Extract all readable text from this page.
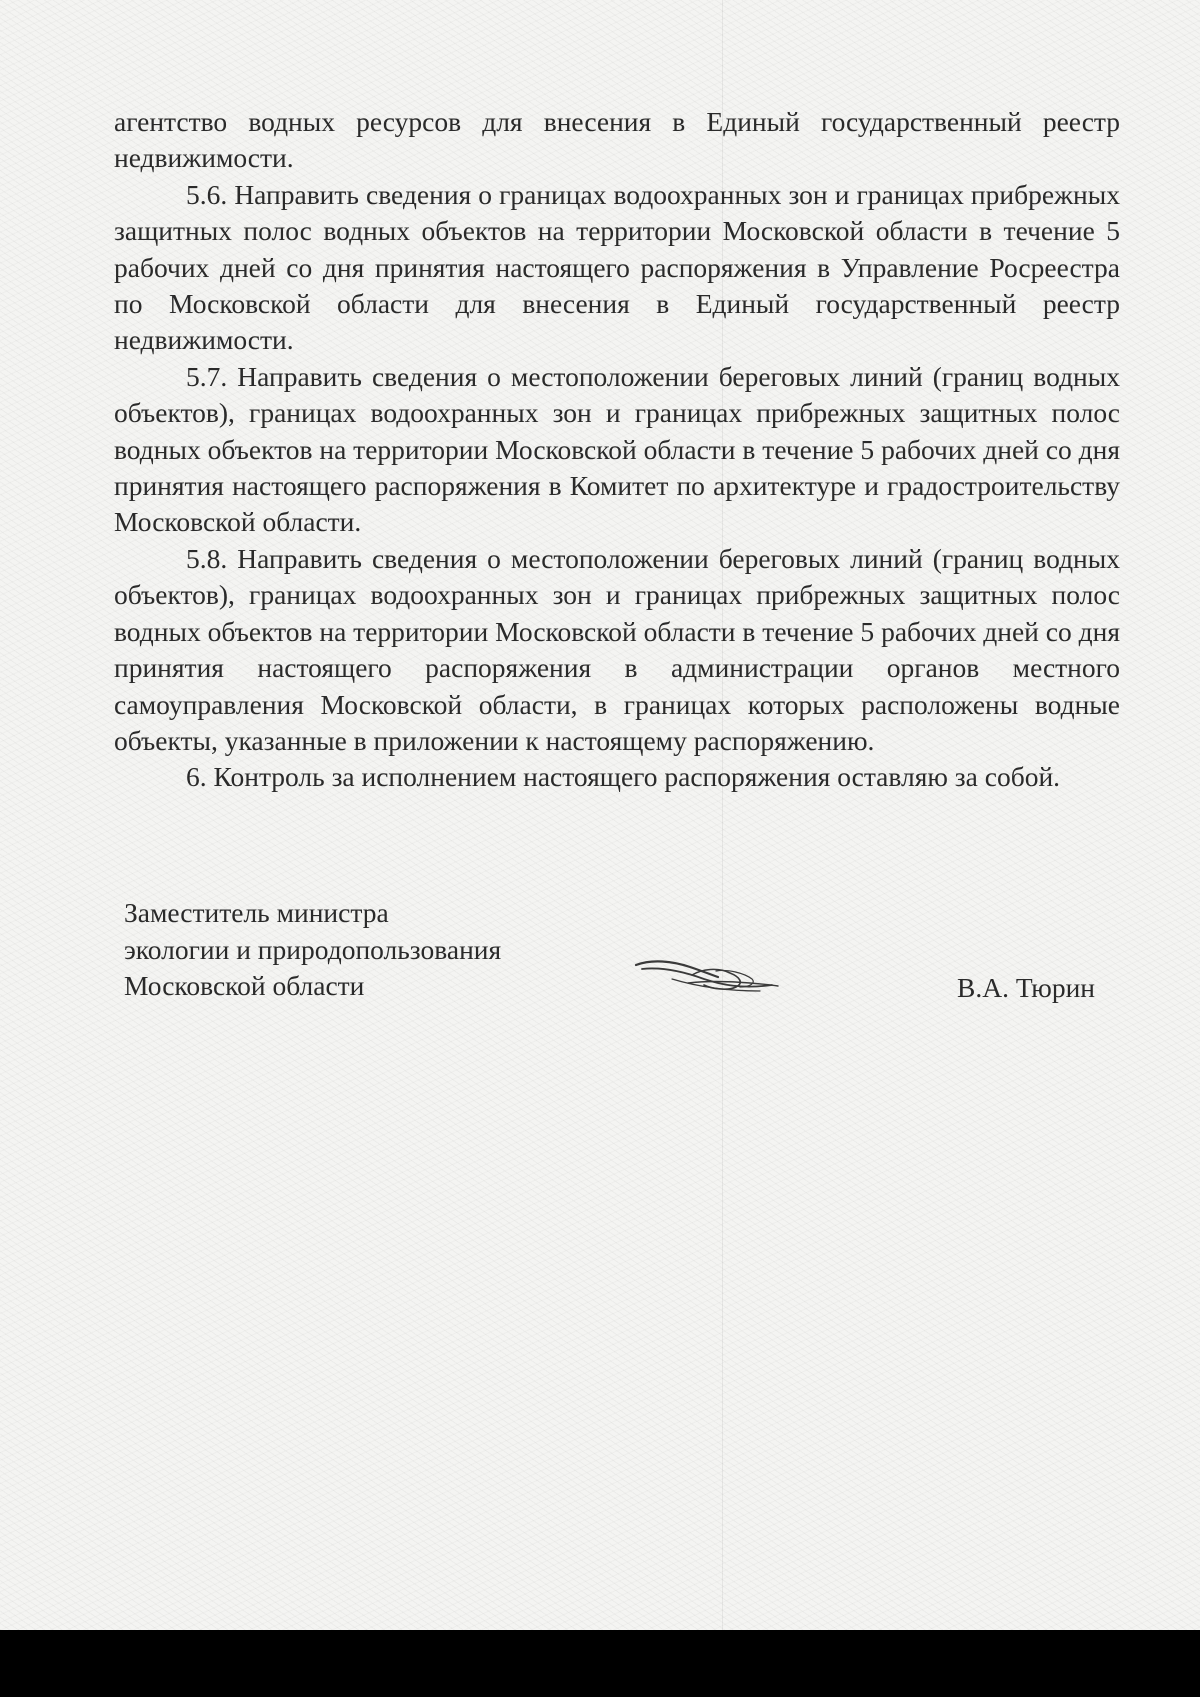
агентство водных ресурсов для внесения в Единый государственный реестр недвижимости.

5.6. Направить сведения о границах водоохранных зон и границах прибрежных защитных полос водных объектов на территории Московской области в течение 5 рабочих дней со дня принятия настоящего распоряжения в Управление Росреестра по Московской области для внесения в Единый государственный реестр недвижимости.

5.7. Направить сведения о местоположении береговых линий (границ водных объектов), границах водоохранных зон и границах прибрежных защитных полос водных объектов на территории Московской области в течение 5 рабочих дней со дня принятия настоящего распоряжения в Комитет по архитектуре и градостроительству Московской области.

5.8. Направить сведения о местоположении береговых линий (границ водных объектов), границах водоохранных зон и границах прибрежных защитных полос водных объектов на территории Московской области в течение 5 рабочих дней со дня принятия настоящего распоряжения в администрации органов местного самоуправления Московской области, в границах которых расположены водные объекты, указанные в приложении к настоящему распоряжению.

6. Контроль за исполнением настоящего распоряжения оставляю за собой.

Заместитель министра
экологии и природопользования
Московской области	В.А. Тюрин
